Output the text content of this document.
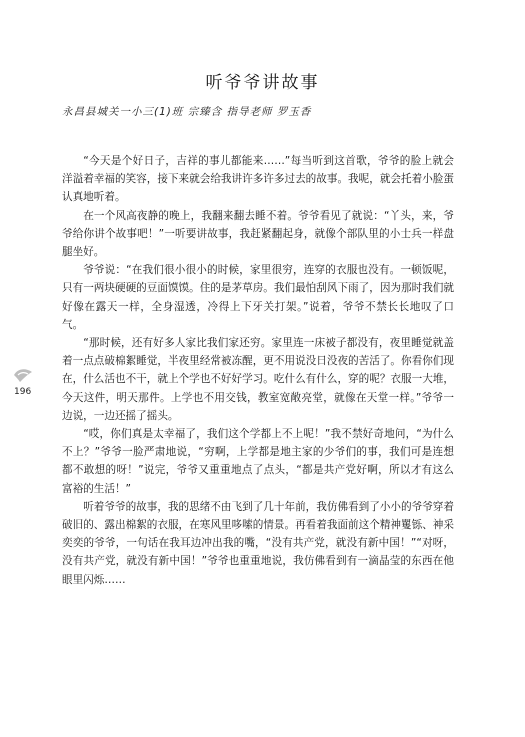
听爷爷讲故事
永昌县城关一小三(1)班 宗臻含 指导老师 罗玉香

“今天是个好日子，吉祥的事儿都能来……”每当听到这首歌，爷爷的脸上就会洋溢着幸福的笑容，接下来就会给我讲许多许多过去的故事。我呢，就会托着小脸蛋认真地听着。

在一个风高夜静的晚上，我翻来翻去睡不着。爷爷看见了就说：“丫头，来，爷爷给你讲个故事吧！”一听要讲故事，我赶紧翻起身，就像个部队里的小士兵一样盘腿坐好。

爷爷说：“在我们很小很小的时候，家里很穷，连穿的衣服也没有。一顿饭呢，只有一两块硬硬的豆面馍馍。住的是茅草房。我们最怕刮风下雨了，因为那时我们就好像在露天一样，全身湿透，冷得上下牙关打架。”说着，爷爷不禁长长地叹了口气。

“那时候，还有好多人家比我们家还穷。家里连一床被子都没有，夜里睡觉就盖着一点点破棉絮睡觉，半夜里经常被冻醒，更不用说没日没夜的苦活了。你看你们现在，什么活也不干，就上个学也不好好学习。吃什么有什么，穿的呢？衣服一大堆，今天这件，明天那件。上学也不用交钱，教室宽敞亮堂，就像在天堂一样。”爷爷一边说，一边还摇了摇头。

“哎，你们真是太幸福了，我们这个学都上不上呢！”我不禁好奇地问，“为什么不上？”爷爷一脸严肃地说，“穷啊，上学都是地主家的少爷们的事，我们可是连想都不敢想的呀！”说完，爷爷又重重地点了点头，“都是共产党好啊，所以才有这么富裕的生活！”

听着爷爷的故事，我的思绪不由飞到了几十年前，我仿佛看到了小小的爷爷穿着破旧的、露出棉絮的衣服，在寒风里哆嗦的情景。再看着我面前这个精神矍铄、神采奕奕的爷爷，一句话在我耳边冲出我的嘴，“没有共产党，就没有新中国！”“对呀，没有共产党，就没有新中国！”爷爷也重重地说，我仿佛看到有一滴晶莹的东西在他眼里闪烁……

196
